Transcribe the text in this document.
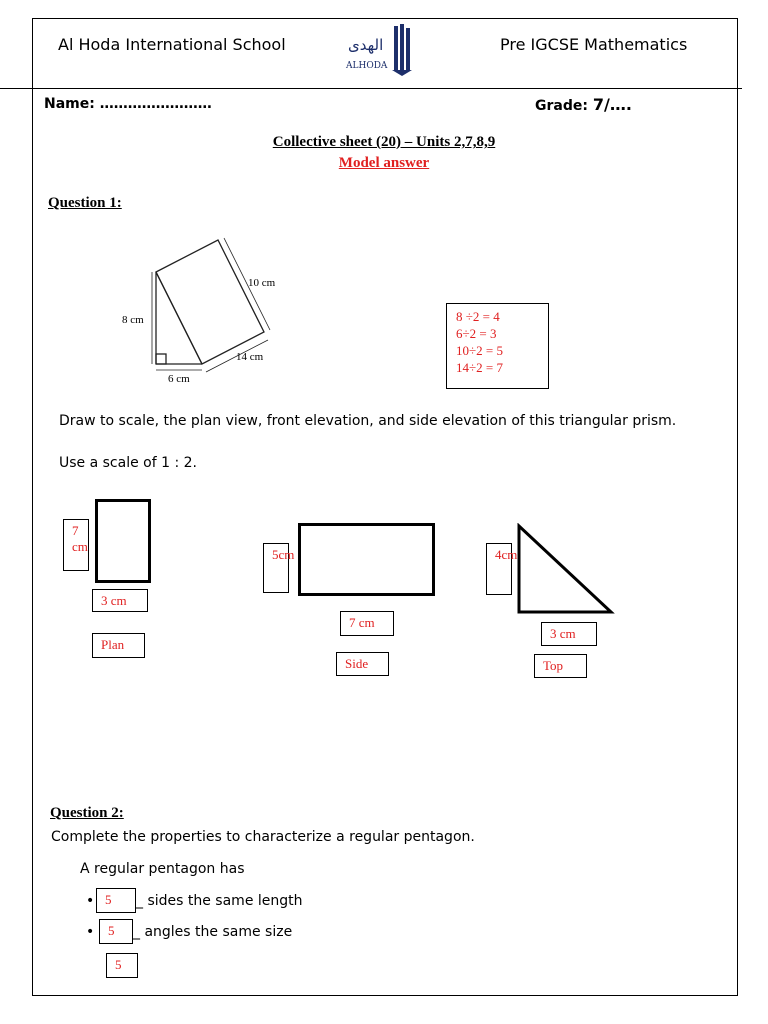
Al Hoda International School	الهدى
ALHODA
Pre IGCSE Mathematics
Name: ……………………	Grade: 7/….
Collective sheet (20) – Units 2,7,8,9
Model answer
Question 1:
8 cm
6 cm
10 cm
14 cm
8 ÷2 = 4
6÷2 = 3
10÷2 = 5
14÷2 = 7
Draw to scale, the plan view, front elevation, and side elevation of this triangular prism.
Use a scale of 1 : 2.
7 cm
3 cm
Plan
5cm
7 cm
Side
4cm
3 cm
Top
Question 2:
Complete the properties to characterize a regular pentagon.
A regular pentagon has
• 5	_ sides the same length
•	5	_ angles the same size
5
